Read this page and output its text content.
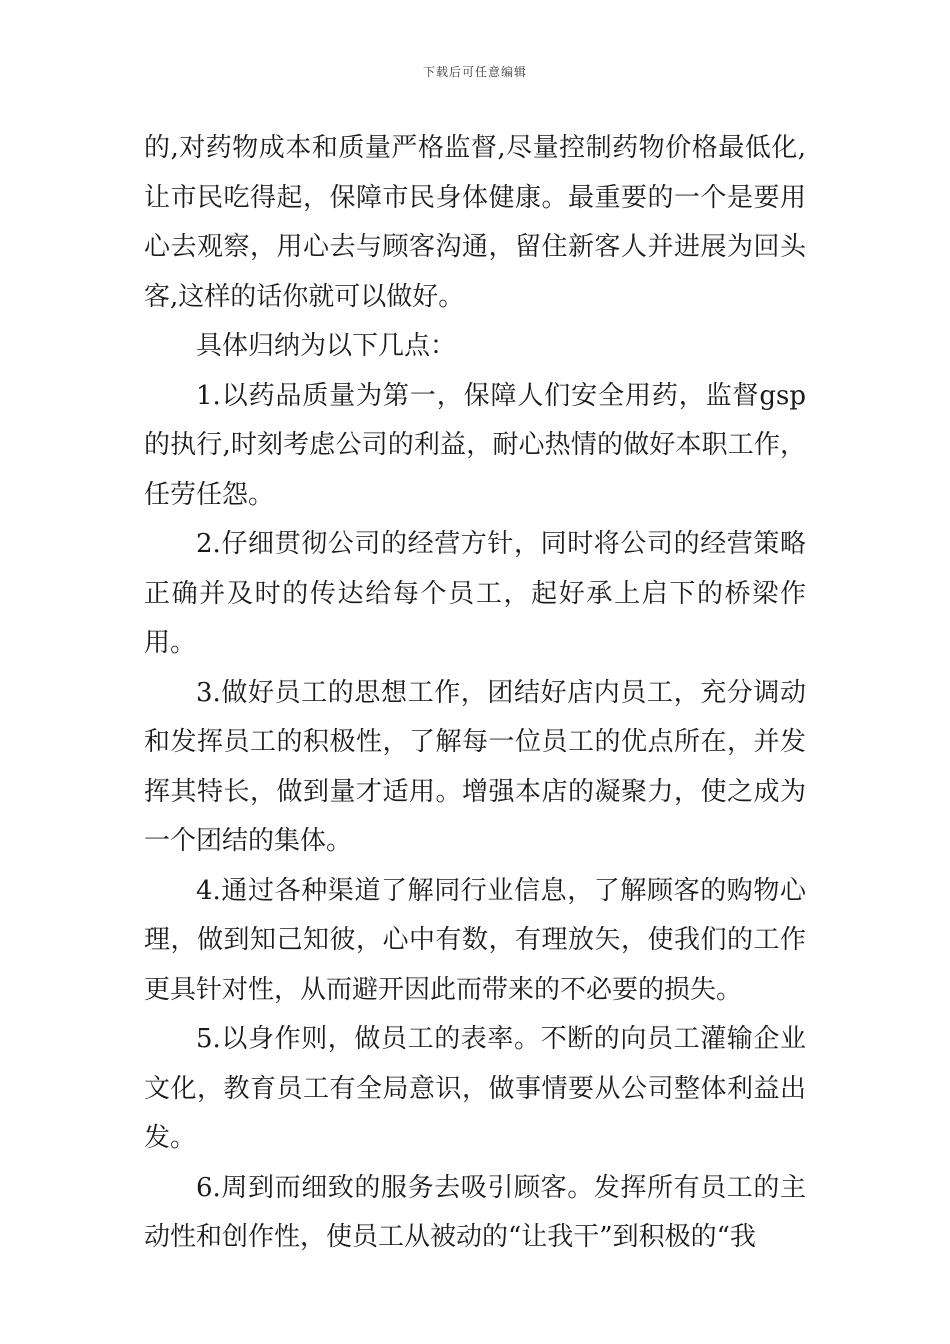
下载后可任意编辑

的,对药物成本和质量严格监督,尽量控制药物价格最低化,让市民吃得起，保障市民身体健康。最重要的一个是要用心去观察，用心去与顾客沟通，留住新客人并进展为回头客,这样的话你就可以做好。

具体归纳为以下几点：

1.以药品质量为第一，保障人们安全用药，监督gsp的执行,时刻考虑公司的利益，耐心热情的做好本职工作，任劳任怨。

2.仔细贯彻公司的经营方针，同时将公司的经营策略正确并及时的传达给每个员工，起好承上启下的桥梁作用。

3.做好员工的思想工作，团结好店内员工，充分调动和发挥员工的积极性，了解每一位员工的优点所在，并发挥其特长，做到量才适用。增强本店的凝聚力，使之成为一个团结的集体。

4.通过各种渠道了解同行业信息，了解顾客的购物心理，做到知己知彼，心中有数，有理放矢，使我们的工作更具针对性，从而避开因此而带来的不必要的损失。

5.以身作则，做员工的表率。不断的向员工灌输企业文化，教育员工有全局意识，做事情要从公司整体利益出发。

6.周到而细致的服务去吸引顾客。发挥所有员工的主动性和创作性，使员工从被动的“让我干”到积极的“我
